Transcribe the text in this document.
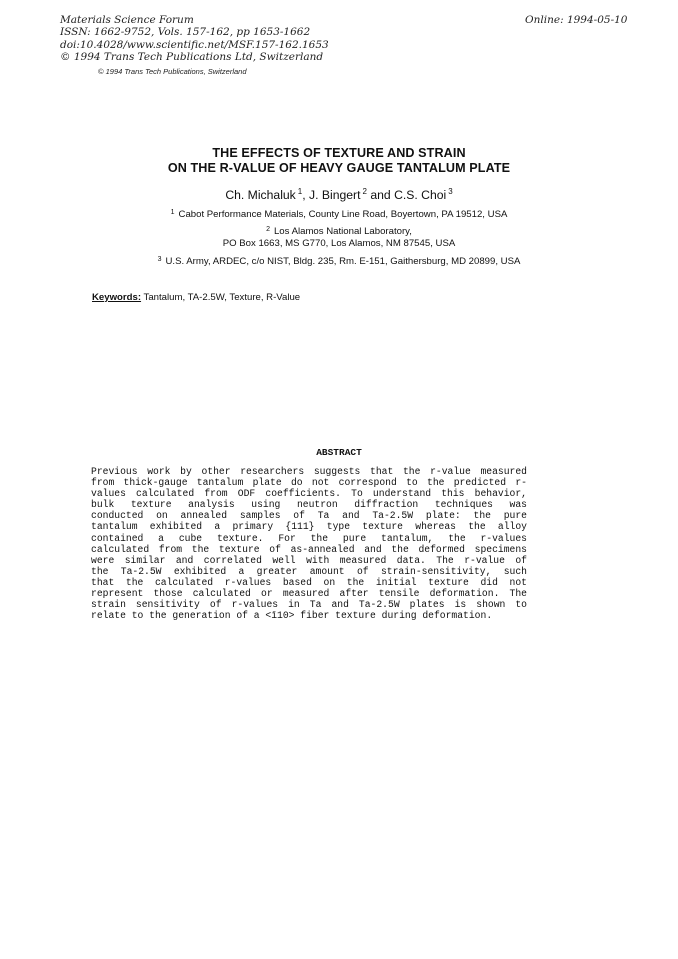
Materials Science Forum
ISSN: 1662-9752, Vols. 157-162, pp 1653-1662
doi:10.4028/www.scientific.net/MSF.157-162.1653
© 1994 Trans Tech Publications Ltd, Switzerland
Online: 1994-05-10
© 1994 Trans Tech Publications, Switzerland
THE EFFECTS OF TEXTURE AND STRAIN
ON THE R-VALUE OF HEAVY GAUGE TANTALUM PLATE
Ch. Michaluk $^1$, J. Bingert $^2$ and C.S. Choi $^3$
$^1$ Cabot Performance Materials, County Line Road, Boyertown, PA 19512, USA
$^2$ Los Alamos National Laboratory,
PO Box 1663, MS G770, Los Alamos, NM 87545, USA
$^3$ U.S. Army, ARDEC, c/o NIST, Bldg. 235, Rm. E-151, Gaithersburg, MD 20899, USA
Keywords: Tantalum, TA-2.5W, Texture, R-Value
ABSTRACT
Previous work by other researchers suggests that the r-value measured
from thick-gauge tantalum plate do not correspond to the predicted r-
values calculated from ODF coefficients. To understand this behavior,
bulk texture analysis using neutron diffraction techniques was
conducted on annealed samples of Ta and Ta-2.5W plate: the pure
tantalum exhibited a primary {111} type texture whereas the alloy
contained a cube texture. For the pure tantalum, the r-values
calculated from the texture of as-annealed and the deformed specimens
were similar and correlated well with measured data. The r-value of
the Ta-2.5W exhibited a greater amount of strain-sensitivity, such
that the calculated r-values based on the initial texture did not
represent those calculated or measured after tensile deformation. The
strain sensitivity of r-values in Ta and Ta-2.5W plates is shown to
relate to the generation of a <ī10> fiber texture during deformation.
